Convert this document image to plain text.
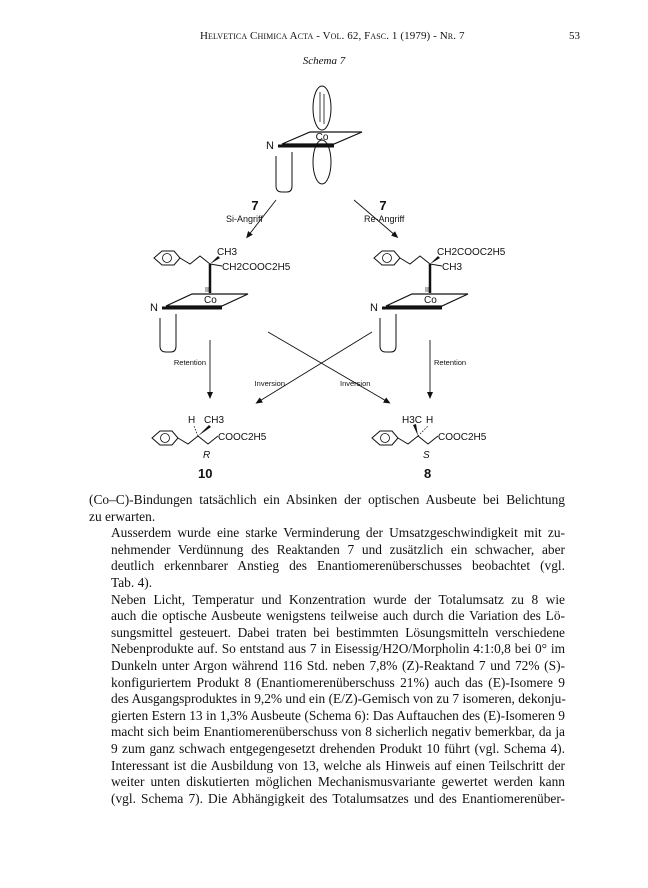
Helvetica Chimica Acta - Vol. 62, Fasc. 1 (1979) - Nr. 7	53
Schema 7
Co
N
7
Si-Angriff
7
Re-Angriff
CH3
CH2COOC2H5
III
Co
N
CH2COOC2H5
CH3
III
Co
N
Retention	Retention
Inversion	Inversion
H CH3
COOC2H5
R
10
H3C H
COOC2H5
S
8

(Co–C)-Bindungen tatsächlich ein Absinken der optischen Ausbeute bei Belichtung
zu erwarten.

Ausserdem wurde eine starke Verminderung der Umsatzgeschwindigkeit mit zu-
nehmender Verdünnung des Reaktanden 7 und zusätzlich ein schwacher, aber
deutlich erkennbarer Anstieg des Enantiomerenüberschusses beobachtet (vgl.
Tab. 4).

Neben Licht, Temperatur und Konzentration wurde der Totalumsatz zu 8 wie
auch die optische Ausbeute wenigstens teilweise auch durch die Variation des Lö-
sungsmittel gesteuert. Dabei traten bei bestimmten Lösungsmitteln verschiedene
Nebenprodukte auf. So entstand aus 7 in Eisessig/H2O/Morpholin 4:1:0,8 bei 0° im
Dunkeln unter Argon während 116 Std. neben 7,8% (Z)-Reaktand 7 und 72% (S)-
konfiguriertem Produkt 8 (Enantiomerenüberschuss 21%) auch das (E)-Isomere 9
des Ausgangsproduktes in 9,2% und ein (E/Z)-Gemisch von zu 7 isomeren, dekonju-
gierten Estern 13 in 1,3% Ausbeute (Schema 6): Das Auftauchen des (E)-Isomeren 9
macht sich beim Enantiomerenüberschuss von 8 sicherlich negativ bemerkbar, da ja
9 zum ganz schwach entgegengesetzt drehenden Produkt 10 führt (vgl. Schema 4).
Interessant ist die Ausbildung von 13, welche als Hinweis auf einen Teilschritt der
weiter unten diskutierten möglichen Mechanismusvariante gewertet werden kann
(vgl. Schema 7). Die Abhängigkeit des Totalumsatzes und des Enantiomerenüber-
